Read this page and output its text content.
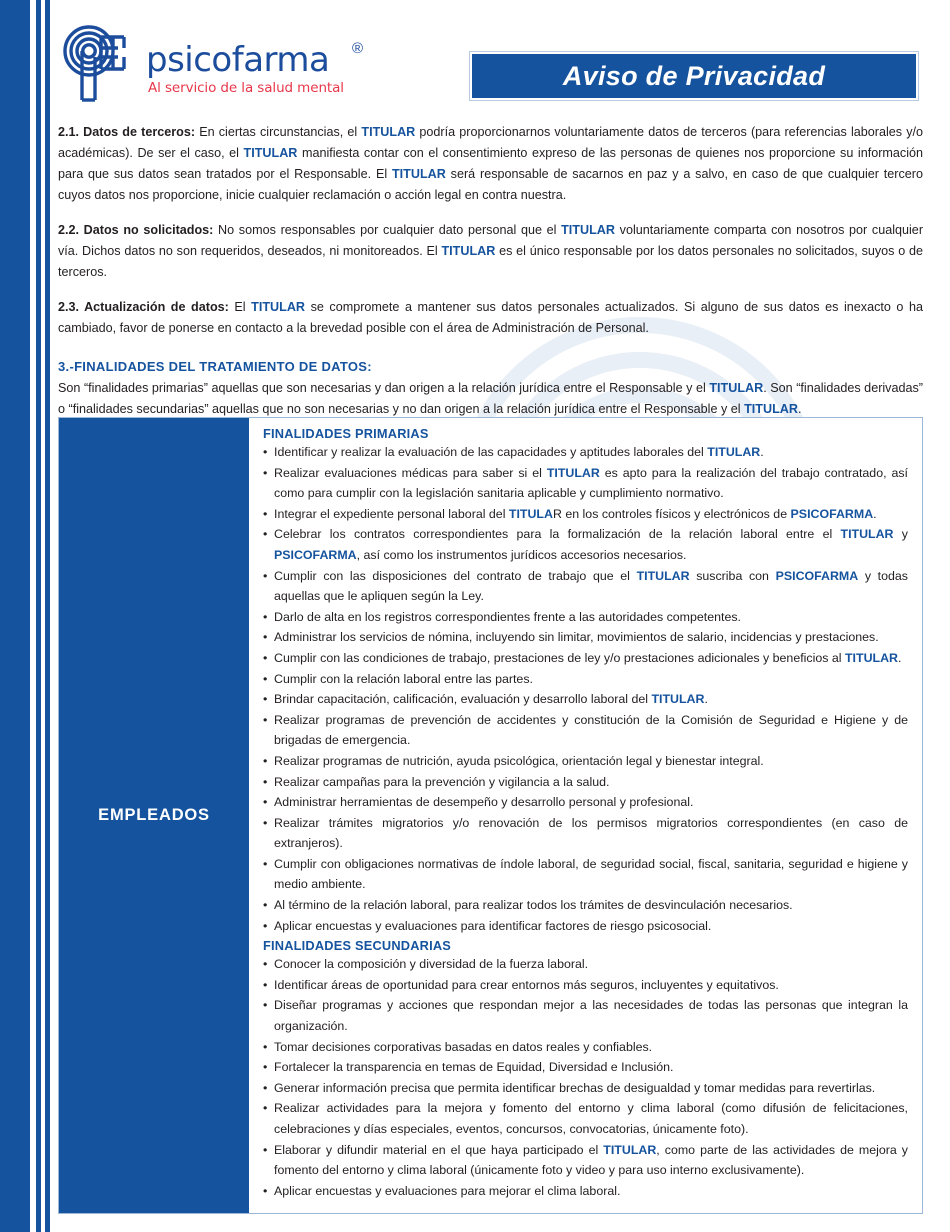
psicofarma ®
Al servicio de la salud mental	Aviso de Privacidad

2.1. Datos de terceros: En ciertas circunstancias, el TITULAR podría proporcionarnos voluntariamente datos de terceros (para referencias laborales y/o académicas). De ser el caso, el TITULAR manifiesta contar con el consentimiento expreso de las personas de quienes nos proporcione su información para que sus datos sean tratados por el Responsable. El TITULAR será responsable de sacarnos en paz y a salvo, en caso de que cualquier tercero cuyos datos nos proporcione, inicie cualquier reclamación o acción legal en contra nuestra.

2.2. Datos no solicitados: No somos responsables por cualquier dato personal que el TITULAR voluntariamente comparta con nosotros por cualquier vía. Dichos datos no son requeridos, deseados, ni monitoreados. El TITULAR es el único responsable por los datos personales no solicitados, suyos o de terceros.

2.3. Actualización de datos: El TITULAR se compromete a mantener sus datos personales actualizados. Si alguno de sus datos es inexacto o ha cambiado, favor de ponerse en contacto a la brevedad posible con el área de Administración de Personal.

3.-FINALIDADES DEL TRATAMIENTO DE DATOS:

Son “finalidades primarias” aquellas que son necesarias y dan origen a la relación jurídica entre el Responsable y el TITULAR. Son “finalidades derivadas” o “finalidades secundarias” aquellas que no son necesarias y no dan origen a la relación jurídica entre el Responsable y el TITULAR.

EMPLEADOS
FINALIDADES PRIMARIAS
• Identificar y realizar la evaluación de las capacidades y aptitudes laborales del TITULAR.
• Realizar evaluaciones médicas para saber si el TITULAR es apto para la realización del trabajo contratado, así como para cumplir con la legislación sanitaria aplicable y cumplimiento normativo.
• Integrar el expediente personal laboral del TITULAR en los controles físicos y electrónicos de PSICOFARMA.
• Celebrar los contratos correspondientes para la formalización de la relación laboral entre el TITULAR y PSICOFARMA, así como los instrumentos jurídicos accesorios necesarios.
• Cumplir con las disposiciones del contrato de trabajo que el TITULAR suscriba con PSICOFARMA y todas aquellas que le apliquen según la Ley.
• Darlo de alta en los registros correspondientes frente a las autoridades competentes.
• Administrar los servicios de nómina, incluyendo sin limitar, movimientos de salario, incidencias y prestaciones.
• Cumplir con las condiciones de trabajo, prestaciones de ley y/o prestaciones adicionales y beneficios al TITULAR.
• Cumplir con la relación laboral entre las partes.
• Brindar capacitación, calificación, evaluación y desarrollo laboral del TITULAR.
• Realizar programas de prevención de accidentes y constitución de la Comisión de Seguridad e Higiene y de brigadas de emergencia.
• Realizar programas de nutrición, ayuda psicológica, orientación legal y bienestar integral.
• Realizar campañas para la prevención y vigilancia a la salud.
• Administrar herramientas de desempeño y desarrollo personal y profesional.
• Realizar trámites migratorios y/o renovación de los permisos migratorios correspondientes (en caso de extranjeros).
• Cumplir con obligaciones normativas de índole laboral, de seguridad social, fiscal, sanitaria, seguridad e higiene y medio ambiente.
• Al término de la relación laboral, para realizar todos los trámites de desvinculación necesarios.
• Aplicar encuestas y evaluaciones para identificar factores de riesgo psicosocial.
FINALIDADES SECUNDARIAS
• Conocer la composición y diversidad de la fuerza laboral.
• Identificar áreas de oportunidad para crear entornos más seguros, incluyentes y equitativos.
• Diseñar programas y acciones que respondan mejor a las necesidades de todas las personas que integran la organización.
• Tomar decisiones corporativas basadas en datos reales y confiables.
• Fortalecer la transparencia en temas de Equidad, Diversidad e Inclusión.
• Generar información precisa que permita identificar brechas de desigualdad y tomar medidas para revertirlas.
• Realizar actividades para la mejora y fomento del entorno y clima laboral (como difusión de felicitaciones, celebraciones y días especiales, eventos, concursos, convocatorias, únicamente foto).
• Elaborar y difundir material en el que haya participado el TITULAR, como parte de las actividades de mejora y fomento del entorno y clima laboral (únicamente foto y video y para uso interno exclusivamente).
• Aplicar encuestas y evaluaciones para mejorar el clima laboral.
